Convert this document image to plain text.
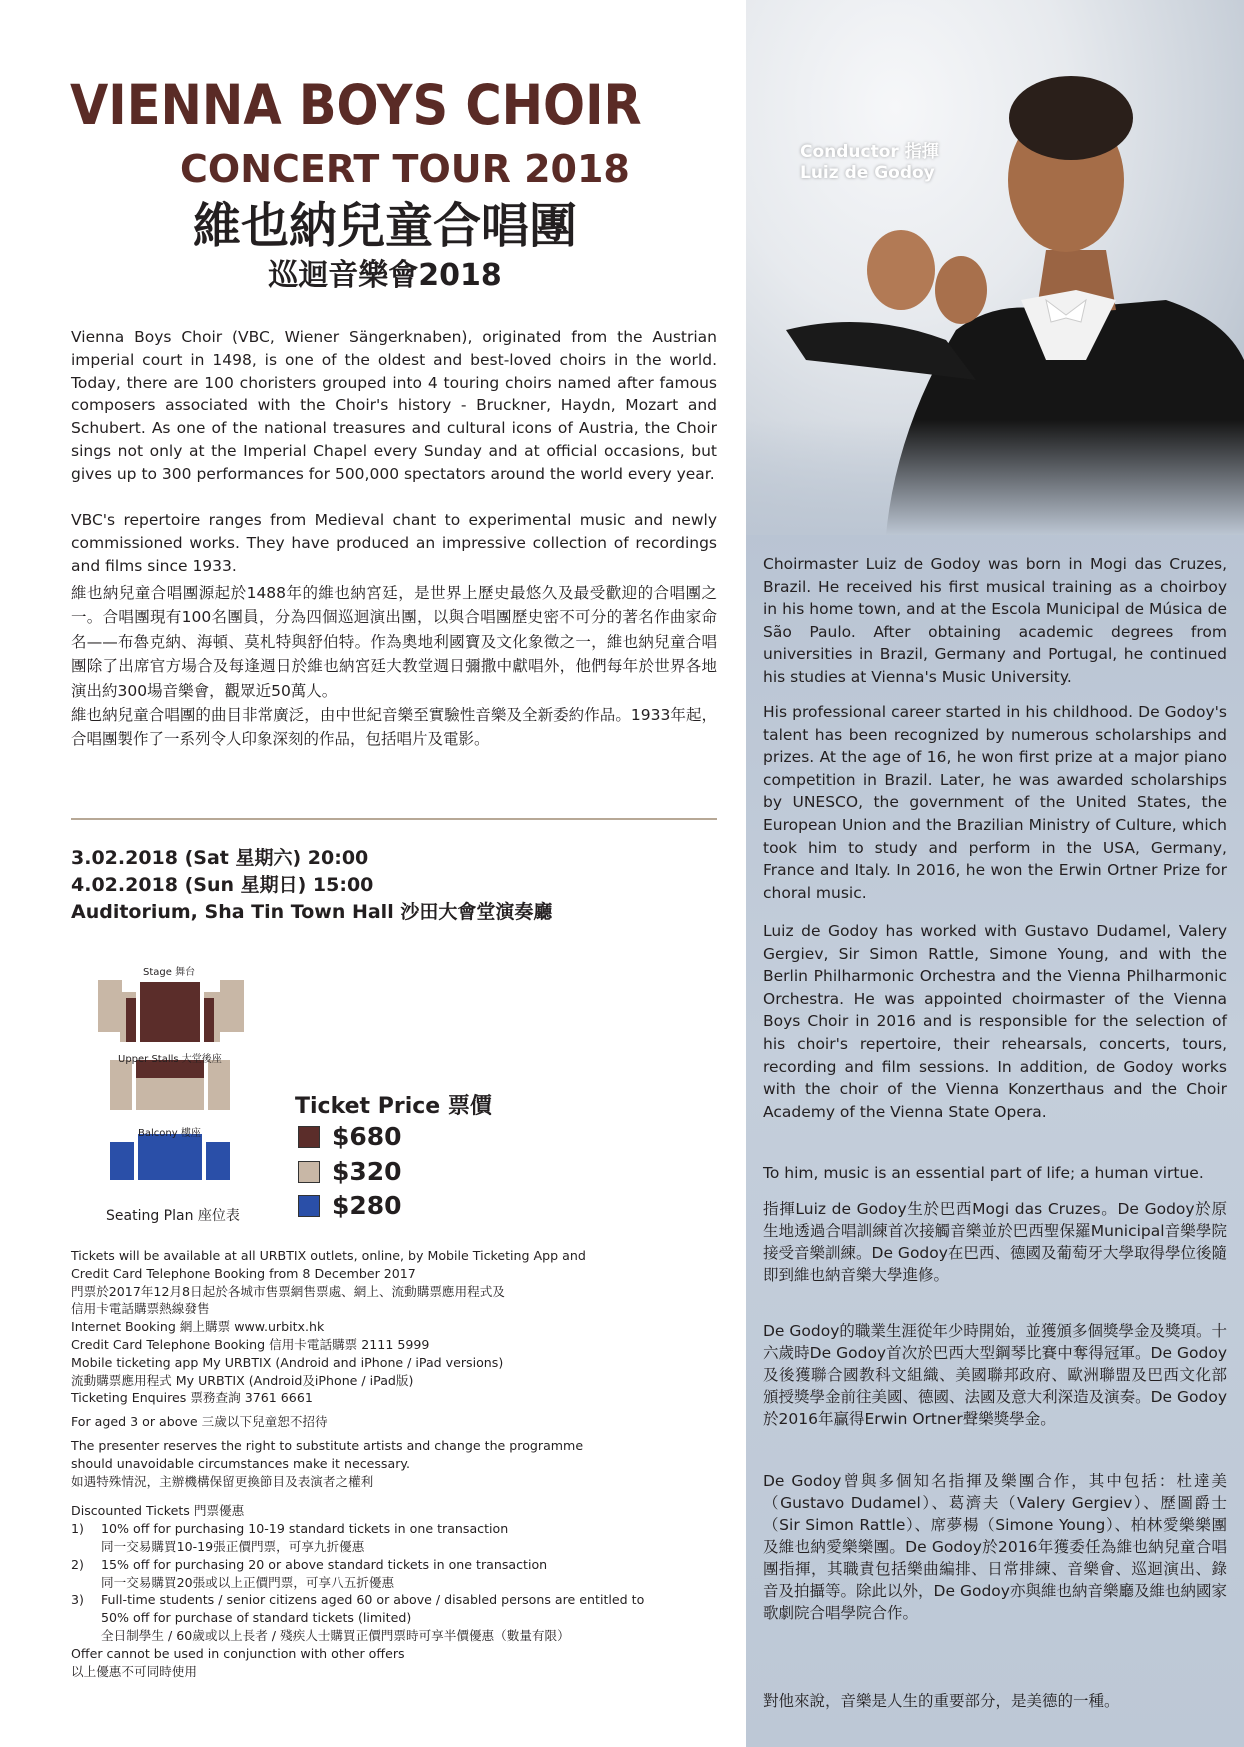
VIENNA BOYS CHOIR
CONCERT TOUR 2018
維也納兒童合唱團
巡迴音樂會2018

Vienna Boys Choir (VBC, Wiener Sängerknaben), originated from the Austrian imperial court in 1498, is one of the oldest and best-loved choirs in the world. Today, there are 100 choristers grouped into 4 touring choirs named after famous composers associated with the Choir's history - Bruckner, Haydn, Mozart and Schubert. As one of the national treasures and cultural icons of Austria, the Choir sings not only at the Imperial Chapel every Sunday and at official occasions, but gives up to 300 performances for 500,000 spectators around the world every year.

VBC's repertoire ranges from Medieval chant to experimental music and newly commissioned works. They have produced an impressive collection of recordings and films since 1933.

維也納兒童合唱團源起於1488年的維也納宮廷，是世界上歷史最悠久及最受歡迎的合唱團之一。合唱團現有100名團員，分為四個巡迴演出團，以與合唱團歷史密不可分的著名作曲家命名——布魯克納、海頓、莫札特與舒伯特。作為奧地利國寶及文化象徵之一，維也納兒童合唱團除了出席官方場合及每逢週日於維也納宮廷大教堂週日彌撒中獻唱外，他們每年於世界各地演出約300場音樂會，觀眾近50萬人。

維也納兒童合唱團的曲目非常廣泛，由中世紀音樂至實驗性音樂及全新委約作品。1933年起，合唱團製作了一系列令人印象深刻的作品，包括唱片及電影。

3.02.2018 (Sat 星期六) 20:00
4.02.2018 (Sun 星期日) 15:00
Auditorium, Sha Tin Town Hall 沙田大會堂演奏廳
Stage 舞台
Upper Stalls 大堂後座
Balcony 樓座
Seating Plan 座位表
Ticket Price 票價
$680
$320
$280
Tickets will be available at all URBTIX outlets, online, by Mobile Ticketing App and
Credit Card Telephone Booking from 8 December 2017
門票於2017年12月8日起於各城市售票網售票處、網上、流動購票應用程式及
信用卡電話購票熱線發售
Internet Booking 網上購票 www.urbitx.hk
Credit Card Telephone Booking 信用卡電話購票 2111 5999
Mobile ticketing app My URBTIX (Android and iPhone / iPad versions)
流動購票應用程式 My URBTIX (Android及iPhone / iPad版)
Ticketing Enquires 票務查詢 3761 6661
For aged 3 or above 三歲以下兒童恕不招待
The presenter reserves the right to substitute artists and change the programme
should unavoidable circumstances make it necessary.
如遇特殊情況，主辦機構保留更換節目及表演者之權利
Discounted Tickets 門票優惠
1)	10% off for purchasing 10-19 standard tickets in one transaction
同一交易購買10-19張正價門票，可享九折優惠
2)	15% off for purchasing 20 or above standard tickets in one transaction
同一交易購買20張或以上正價門票，可享八五折優惠
3)	Full-time students / senior citizens aged 60 or above / disabled persons are entitled to
50% off for purchase of standard tickets (limited)
全日制學生 / 60歲或以上長者 / 殘疾人士購買正價門票時可享半價優惠（數量有限）
Offer cannot be used in conjunction with other offers
以上優惠不可同時使用
Conductor 指揮
Luiz de Godoy

Choirmaster Luiz de Godoy was born in Mogi das Cruzes, Brazil. He received his first musical training as a choirboy in his home town, and at the Escola Municipal de Música de São Paulo. After obtaining academic degrees from universities in Brazil, Germany and Portugal, he continued his studies at Vienna's Music University.

His professional career started in his childhood. De Godoy's talent has been recognized by numerous scholarships and prizes. At the age of 16, he won first prize at a major piano competition in Brazil. Later, he was awarded scholarships by UNESCO, the government of the United States, the European Union and the Brazilian Ministry of Culture, which took him to study and perform in the USA, Germany, France and Italy. In 2016, he won the Erwin Ortner Prize for choral music.

Luiz de Godoy has worked with Gustavo Dudamel, Valery Gergiev, Sir Simon Rattle, Simone Young, and with the Berlin Philharmonic Orchestra and the Vienna Philharmonic Orchestra. He was appointed choirmaster of the Vienna Boys Choir in 2016 and is responsible for the selection of his choir's repertoire, their rehearsals, concerts, tours, recording and film sessions. In addition, de Godoy works with the choir of the Vienna Konzerthaus and the Choir Academy of the Vienna State Opera.

To him, music is an essential part of life; a human virtue.

指揮Luiz de Godoy生於巴西Mogi das Cruzes。De Godoy於原生地透過合唱訓練首次接觸音樂並於巴西聖保羅Municipal音樂學院接受音樂訓練。De Godoy在巴西、德國及葡萄牙大學取得學位後隨即到維也納音樂大學進修。

De Godoy的職業生涯從年少時開始，並獲頒多個獎學金及獎項。十六歲時De Godoy首次於巴西大型鋼琴比賽中奪得冠軍。De Godoy及後獲聯合國教科文組織、美國聯邦政府、歐洲聯盟及巴西文化部頒授獎學金前往美國、德國、法國及意大利深造及演奏。De Godoy於2016年贏得Erwin Ortner聲樂獎學金。

De Godoy曾與多個知名指揮及樂團合作，其中包括：杜達美（Gustavo Dudamel）、葛濟夫（Valery Gergiev）、歷圖爵士（Sir Simon Rattle）、席夢楊（Simone Young）、柏林愛樂樂團及維也納愛樂樂團。De Godoy於2016年獲委任為維也納兒童合唱團指揮，其職責包括樂曲編排、日常排練、音樂會、巡迴演出、錄音及拍攝等。除此以外，De Godoy亦與維也納音樂廳及維也納國家歌劇院合唱學院合作。

對他來說，音樂是人生的重要部分，是美德的一種。
